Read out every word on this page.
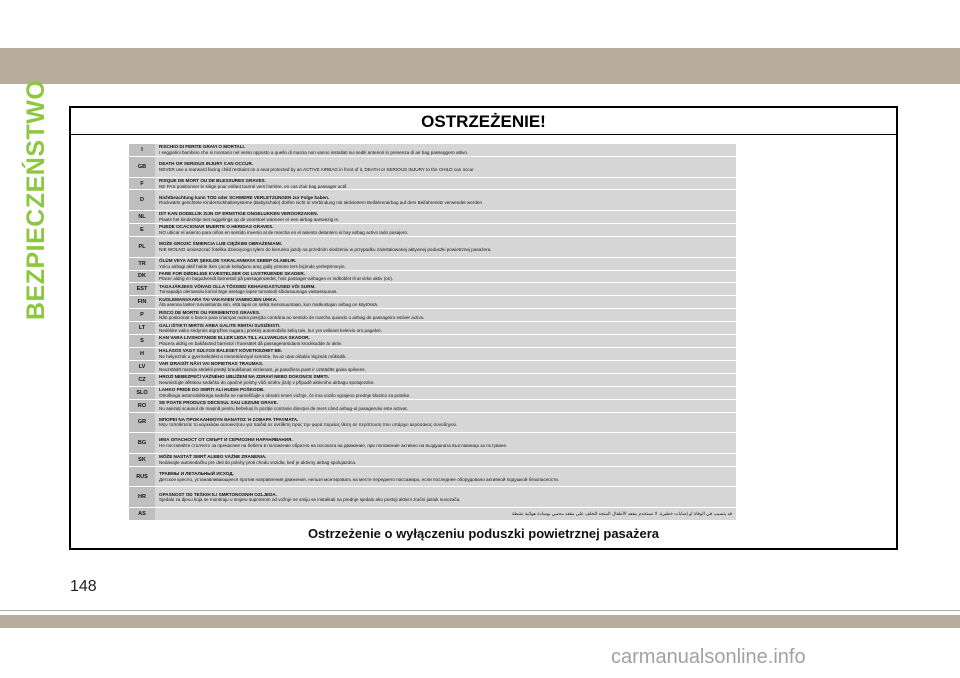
BEZPIECZEŃSTWO	OSTRZEŻENIE!
I
RISCHIO DI FERITE GRAVI O MORTALI.
I seggiolini bambino che si montano nel verso opposto a quello di marcia non vanno installati sui sedili anteriori in presenza di air bag passeggero attivo.
GB
DEATH OR SERIOUS INJURY CAN OCCUR.
NEVER use a rearward facing child restraint on a seat protected by an ACTIVE AIRBAG in front of it, DEATH or SERIOUS INJURY to the CHILD can occur
F
RISQUE DE MORT OU DE BLESSURES GRAVES.
NE PAS positionner le siège pour enfant tourné vers l'arrière, en cas d'air bag passager actif.
D
Nichtbeachtung kann TOD oder SCHWERE VERLETZUNGEN zur Folge haben.
Rückwärts gerichtete Kinderrückhaltesysteme (Babyschale) dürfen nicht in Verbindung mit aktiviertem Beifahrerairbag auf dem Beifahrersitz verwendet werden
NL
DIT KAN DODELIJK ZIJN OF ERNSTIGE ONGELUKKEN VEROORZAKEN.
Plaats het kinderzitje niet ruggelings op de voorstoel wanneer er een airbag aanwezig is.
E
PUEDE OCACIONAR MUERTE O HERIDAS GRAVES.
NO ubicar el asiento para niños en sentido inverso al de marcha en el asiento delantero si hay airbag activo lado pasajero.
PL
MOŻE GROZIĆ ŚMIERCIA LUB CIĘŻKIMI OBRAŻENIAMI.
NIE WOLNO umieszczać fotelika dziecięcego tyłem do kierunku jazdy na przednim siedzeniu w przypadku zainstalowanej aktywnej poduszki powietrznej pasażera.
TR
ÖLÜM VEYA AĞIR ŞEKILDE YARALANMAYA SEBEP OLABILIR.
Yolcu airbagi aktif halde iken çocuk koltuğunu araç gidiş yönüne ters biçimde yerleştirmeyin.
DK
FARE FOR DØDELIGE KVÆSTELSER OG LIVSTRUENDE SKADER.
Placer aldrig en bagudvendt barnestol på passagersædet, hvis passager-airbagen er indkoblet til at virke aktiv (on).
EST
TAGAJÄRJEKS VÕIVAD OLLA TÕSISED KEHAVIGASTUSED VÕI SURM.
Turvapadja olemasolu korral ärge asetage lapse turvatooli sõidusuunaga vastassuunas.
FIN
KUOLEMANVAARA TAI VAKAVIEN VAMMOJEN UHKA.
Älä asenna lasten turvaistuinta niin, että lapsi on selkä menosuuntaan, kun matkustajan airbag on käytössä.
P
RISCO DE MORTE OU FERIMENTOS GRAVES.
Não posicionar o banco para crianças numa posição contrária ao sentido de marcha quando o airbag de passageiro estiver activo.
LT
GALI IŠTIKTI MIRTIS ARBA GALITE RIMTAI SUSIŽEISTI.
Nedėkite vaiko sėdynės atgręžtos nugara į priekinį automobilio kelią tais, kur yra veikiant keleivio oro pagalvė.
S
KAN VARA LIVSHOTANDE ELLER LEDA TILL ALLVARLIGA SKADOR.
Placera aldrig en bakåtvänd barnstol i framsätet då passagerarsidans krockkudde är aktiv.
H
HALÁSOS VAGY SÚLYOS BALESET KÖVETKEZHET BE.
Ne helyezzük a gyermekülést a menetiránnyal szembe, ha az utas oldalán légzsák működik.
LV
VAR IZRAISĪT NĀVI VAI NOPIETNAS TRAUMAS.
Neuzstādīt mazuļa sēdekli pretēji braukšanas virzienam, ja pasažiera pusē ir uzstādīts gaisa spilvens.
CZ
HROZÍ NEBEZPEČÍ VÁŽNÉHO UBLÍŽENÍ NA ZDRAVÍ NEBO DOKONCE SMRTI.
Neumisťujte dětskou sedačku do opačné polohy vůči směru jízdy v případě aktivního airbagu spolujezdce.
SLO
LAHKO PRIDE DO SMRTI ALI HUDIH POŠKODB.
Otroškega avtomobilskega sedeža ne nameščajte v obratni smeri vožnje, če ima vozilo vgrajeno prednje blazino za potnike.
RO
SE POATE PRODUCE DECESUL SAU LEZIUNI GRAVE.
Nu așezați scaunul de mașină pentru bebeluși în poziție contrarie direcției de mers când airbag-ul pasagerului este activat.
GR
ΜΠΟΡΕΙ ΝΑ ΠΡΟΚΑΛΗΘΟΥΝ ΘΑΝΑΤΟΣ Ή ΣΟΒΑΡΑ ΤΡΑΥΜΑΤΑ.
Μην τοποθετείτε το καρεκλάκι αυτοκινήτου για παιδιά σε αντίθετη προς την φορά πορείας θέση σε περίπτωση που υπάρχει αερόσακος συνοδηγού.
BG
ИМА ОПАСНОСТ ОТ СМЪРТ И СЕРИОЗНИ НАРАНЯВАНИЯ.
Не поставяйте столчето за пренасяне на бебета в положение обратно на посоката на движение, при положение активно на въздушната възглавница за пътуване.
SK
MÔŽE NASTAŤ SMRŤ ALEBO VÁŽNE ZRANENIA.
Nedávajte autosedačku pre deti do polohy proti chodu vozidla, keď je aktívny airbag spolujazdca.
RUS
ТРАВМЫ И ЛЕТАЛЬНЫЙ ИСХОД.
Детское кресло, устанавливающееся против направления движения, нельзя монтировать на месте переднего пассажира, если последнее оборудовано активной подушкой безопасности.
HR
OPASNOST OD TEŠKIH ILI SMRTONOSNIH OZLJEDA.
Sjedalo za djecu koja se montiraju u smjeru suprotnom od vožnje ne smiju se instalirati na prednje sjedalo ako postoji aktivni zračni jastuk suvozača.
AS	قد يتسبب في الوفاة أو إصابات خطيرة. لا تستخدم مقعد الأطفال المتجه للخلف على مقعد محمي بوسادة هوائية نشطة
Ostrzeżenie o wyłączeniu poduszki powietrznej pasażera
148
carmanualsonline.info
